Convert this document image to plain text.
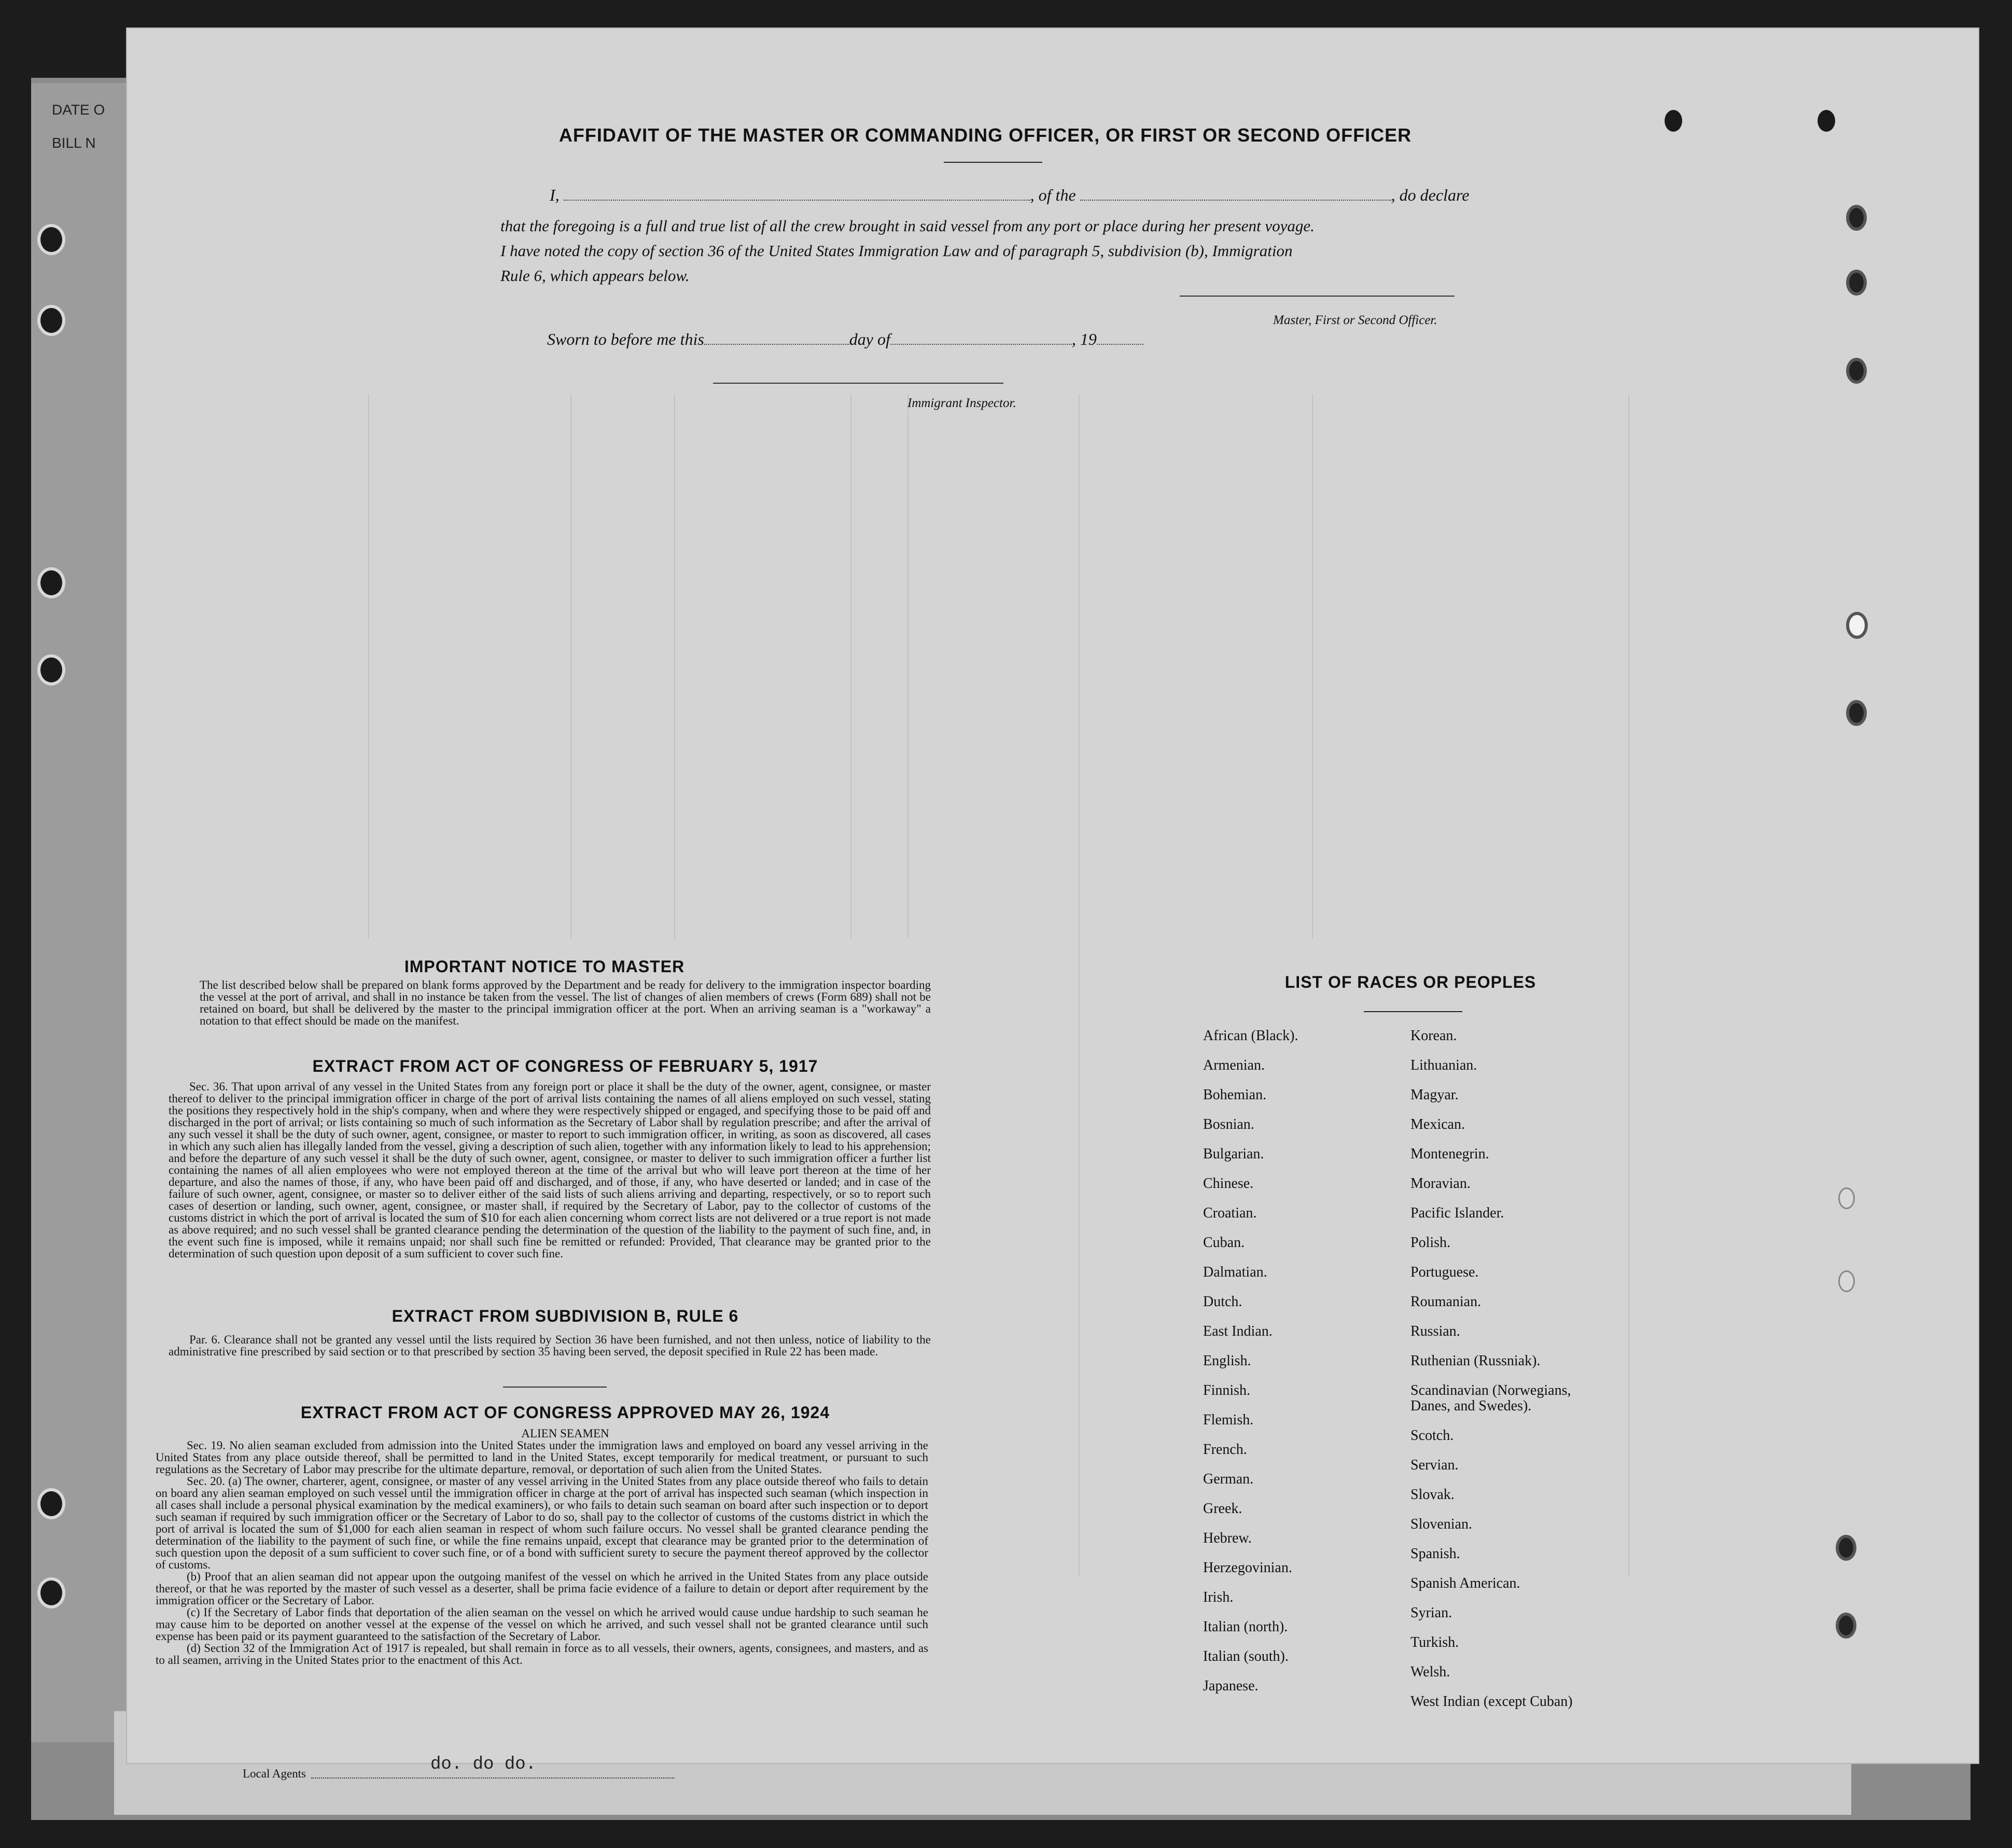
DATE O
BILL N	AFFIDAVIT OF THE MASTER OR COMMANDING OFFICER, OR FIRST OR SECOND OFFICER
I,	, of the	, do declare
that the foregoing is a full and true list of all the crew brought in said vessel from any port or place during her present voyage.
I have noted the copy of section 36 of the United States Immigration Law and of paragraph 5, subdivision (b), Immigration
Rule 6, which appears below.
Master, First or Second Officer.
Sworn to before me this	day of	, 19
Immigrant Inspector.
IMPORTANT NOTICE TO MASTER
The list described below shall be prepared on blank forms approved by the Department and be ready for delivery to the immigration inspector boarding the vessel at the port of arrival, and shall in no instance be taken from the vessel. The list of changes of alien members of crews (Form 689) shall not be retained on board, but shall be delivered by the master to the principal immigration officer at the port. When an arriving seaman is a "workaway" a notation to that effect should be made on the manifest.
EXTRACT FROM ACT OF CONGRESS OF FEBRUARY 5, 1917
Sec. 36. That upon arrival of any vessel in the United States from any foreign port or place it shall be the duty of the owner, agent, consignee, or master thereof to deliver to the principal immigration officer in charge of the port of arrival lists containing the names of all aliens employed on such vessel, stating the positions they respectively hold in the ship's company, when and where they were respectively shipped or engaged, and specifying those to be paid off and discharged in the port of arrival; or lists containing so much of such information as the Secretary of Labor shall by regulation prescribe; and after the arrival of any such vessel it shall be the duty of such owner, agent, consignee, or master to report to such immigration officer, in writing, as soon as discovered, all cases in which any such alien has illegally landed from the vessel, giving a description of such alien, together with any information likely to lead to his apprehension; and before the departure of any such vessel it shall be the duty of such owner, agent, consignee, or master to deliver to such immigration officer a further list containing the names of all alien employees who were not employed thereon at the time of the arrival but who will leave port thereon at the time of her departure, and also the names of those, if any, who have been paid off and discharged, and of those, if any, who have deserted or landed; and in case of the failure of such owner, agent, consignee, or master so to deliver either of the said lists of such aliens arriving and departing, respectively, or so to report such cases of desertion or landing, such owner, agent, consignee, or master shall, if required by the Secretary of Labor, pay to the collector of customs of the customs district in which the port of arrival is located the sum of $10 for each alien concerning whom correct lists are not delivered or a true report is not made as above required; and no such vessel shall be granted clearance pending the determination of the question of the liability to the payment of such fine, and, in the event such fine is imposed, while it remains unpaid; nor shall such fine be remitted or refunded: Provided, That clearance may be granted prior to the determination of such question upon deposit of a sum sufficient to cover such fine.
EXTRACT FROM SUBDIVISION B, RULE 6
Par. 6. Clearance shall not be granted any vessel until the lists required by Section 36 have been furnished, and not then unless, notice of liability to the administrative fine prescribed by said section or to that prescribed by section 35 having been served, the deposit specified in Rule 22 has been made.
EXTRACT FROM ACT OF CONGRESS APPROVED MAY 26, 1924
ALIEN SEAMEN
Sec. 19. No alien seaman excluded from admission into the United States under the immigration laws and employed on board any vessel arriving in the United States from any place outside thereof, shall be permitted to land in the United States, except temporarily for medical treatment, or pursuant to such regulations as the Secretary of Labor may prescribe for the ultimate departure, removal, or deportation of such alien from the United States.
Sec. 20. (a) The owner, charterer, agent, consignee, or master of any vessel arriving in the United States from any place outside thereof who fails to detain on board any alien seaman employed on such vessel until the immigration officer in charge at the port of arrival has inspected such seaman (which inspection in all cases shall include a personal physical examination by the medical examiners), or who fails to detain such seaman on board after such inspection or to deport such seaman if required by such immigration officer or the Secretary of Labor to do so, shall pay to the collector of customs of the customs district in which the port of arrival is located the sum of $1,000 for each alien seaman in respect of whom such failure occurs. No vessel shall be granted clearance pending the determination of the liability to the payment of such fine, or while the fine remains unpaid, except that clearance may be granted prior to the determination of such question upon the deposit of a sum sufficient to cover such fine, or of a bond with sufficient surety to secure the payment thereof approved by the collector of customs.
(b) Proof that an alien seaman did not appear upon the outgoing manifest of the vessel on which he arrived in the United States from any place outside thereof, or that he was reported by the master of such vessel as a deserter, shall be prima facie evidence of a failure to detain or deport after requirement by the immigration officer or the Secretary of Labor.
(c) If the Secretary of Labor finds that deportation of the alien seaman on the vessel on which he arrived would cause undue hardship to such seaman he may cause him to be deported on another vessel at the expense of the vessel on which he arrived, and such vessel shall not be granted clearance until such expense has been paid or its payment guaranteed to the satisfaction of the Secretary of Labor.
(d) Section 32 of the Immigration Act of 1917 is repealed, but shall remain in force as to all vessels, their owners, agents, consignees, and masters, and as to all seamen, arriving in the United States prior to the enactment of this Act.
LIST OF RACES OR PEOPLES
African (Black).
Armenian.
Bohemian.
Bosnian.
Bulgarian.
Chinese.
Croatian.
Cuban.
Dalmatian.
Dutch.
East Indian.
English.
Finnish.
Flemish.
French.
German.
Greek.
Hebrew.
Herzegovinian.
Irish.
Italian (north).
Italian (south).
Japanese.
Korean.
Lithuanian.
Magyar.
Mexican.
Montenegrin.
Moravian.
Pacific Islander.
Polish.
Portuguese.
Roumanian.
Russian.
Ruthenian (Russniak).
Scandinavian (Norwegians,
Danes, and Swedes).
Scotch.
Servian.
Slovak.
Slovenian.
Spanish.
Spanish American.
Syrian.
Turkish.
Welsh.
West Indian (except Cuban)
Local Agents	do. do do.
